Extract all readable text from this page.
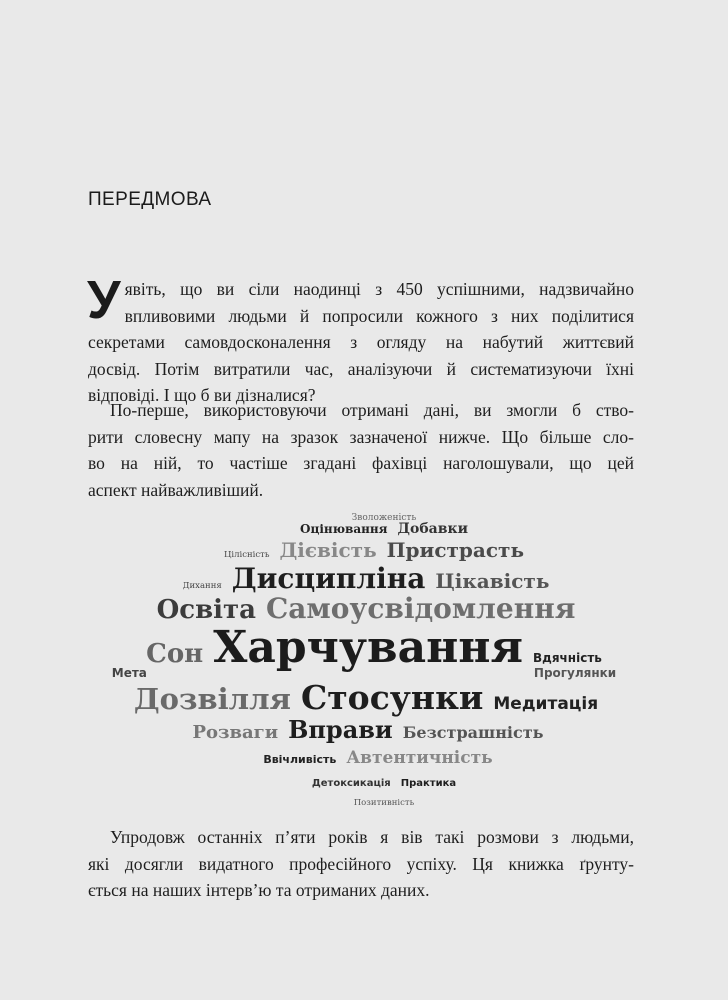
ПЕРЕДМОВА
У явіть, що ви сіли наодинці з 450 успішними, надзвичайно
впливовими людьми й попросили кожного з них поділитися
секретами самовдосконалення з огляду на набутий життєвий
досвід. Потім витратили час, аналізуючи й систематизуючи їхні
відповіді. І що б ви дізналися?
По-перше, використовуючи отримані дані, ви змогли б ство-
рити словесну мапу на зразок зазначеної нижче. Що більше сло-
во на ній, то частіше згадані фахівці наголошували, що цей
аспект найважливіший.
Зволоженість
Оцінювання Добавки
Цілісність Дієвість Пристрасть
Дихання Дисципліна Цікавість
Освіта Самоусвідомлення
Сон Харчування Вдячність
Мета	Прогулянки
Дозвілля Стосунки Медитація
Розваги Вправи Безстрашність
Ввічливість Автентичність
Детоксикація Практика
Позитивність
Упродовж останніх п’яти років я вів такі розмови з людьми,
які досягли видатного професійного успіху. Ця книжка ґрунту-
ється на наших інтерв’ю та отриманих даних.
